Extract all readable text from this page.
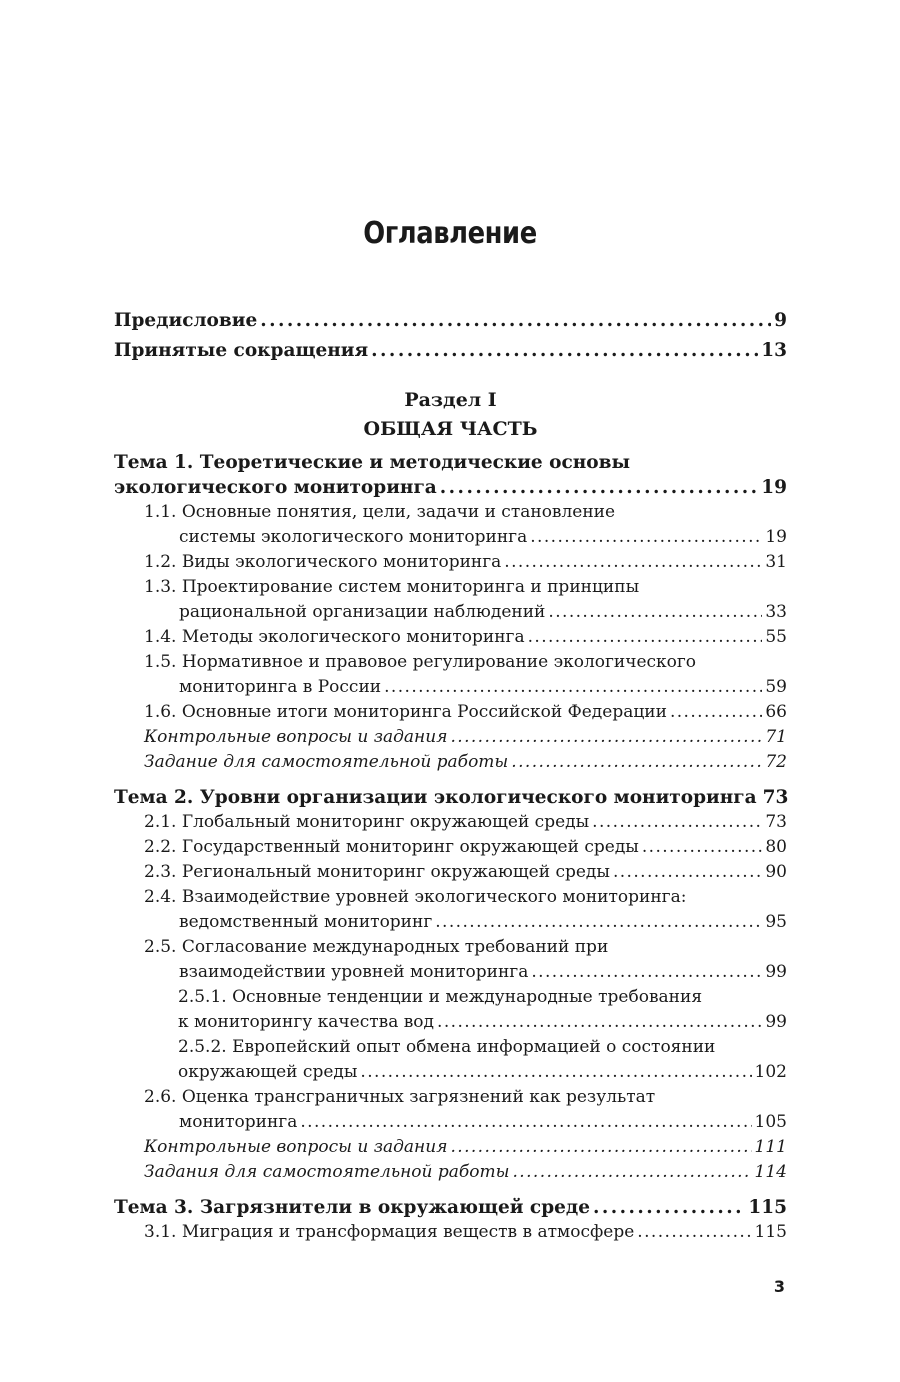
Оглавление
Предисловие . . .	9
Принятые сокращения . . .	13
Раздел I
ОБЩАЯ ЧАСТЬ
Тема 1. Теоретические и методические основы
экологического мониторинга . . .	19
1.1. Основные понятия, цели, задачи и становление
системы экологического мониторинга . . .	19
1.2. Виды экологического мониторинга . . .	31
1.3. Проектирование систем мониторинга и принципы
рациональной организации наблюдений . . .	33
1.4. Методы экологического мониторинга . . .	55
1.5. Нормативное и правовое регулирование экологического
мониторинга в России . . .	59
1.6. Основные итоги мониторинга Российской Федерации . . .	66
Контрольные вопросы и задания . . .	71
Задание для самостоятельной работы . . .	72
Тема 2. Уровни организации экологического мониторинга 73
2.1. Глобальный мониторинг окружающей среды . . .	73
2.2. Государственный мониторинг окружающей среды . . .	80
2.3. Региональный мониторинг окружающей среды . . .	90
2.4. Взаимодействие уровней экологического мониторинга:
ведомственный мониторинг . . .	95
2.5. Согласование международных требований при
взаимодействии уровней мониторинга . . .	99
2.5.1. Основные тенденции и международные требования
к мониторингу качества вод . . .	99
2.5.2. Европейский опыт обмена информацией о состоянии
окружающей среды . . .	102
2.6. Оценка трансграничных загрязнений как результат
мониторинга . . .	105
Контрольные вопросы и задания . . .	111
Задания для самостоятельной работы . . .	114
Тема 3. Загрязнители в окружающей среде . . .	115
3.1. Миграция и трансформация веществ в атмосфере . . .	115
3
